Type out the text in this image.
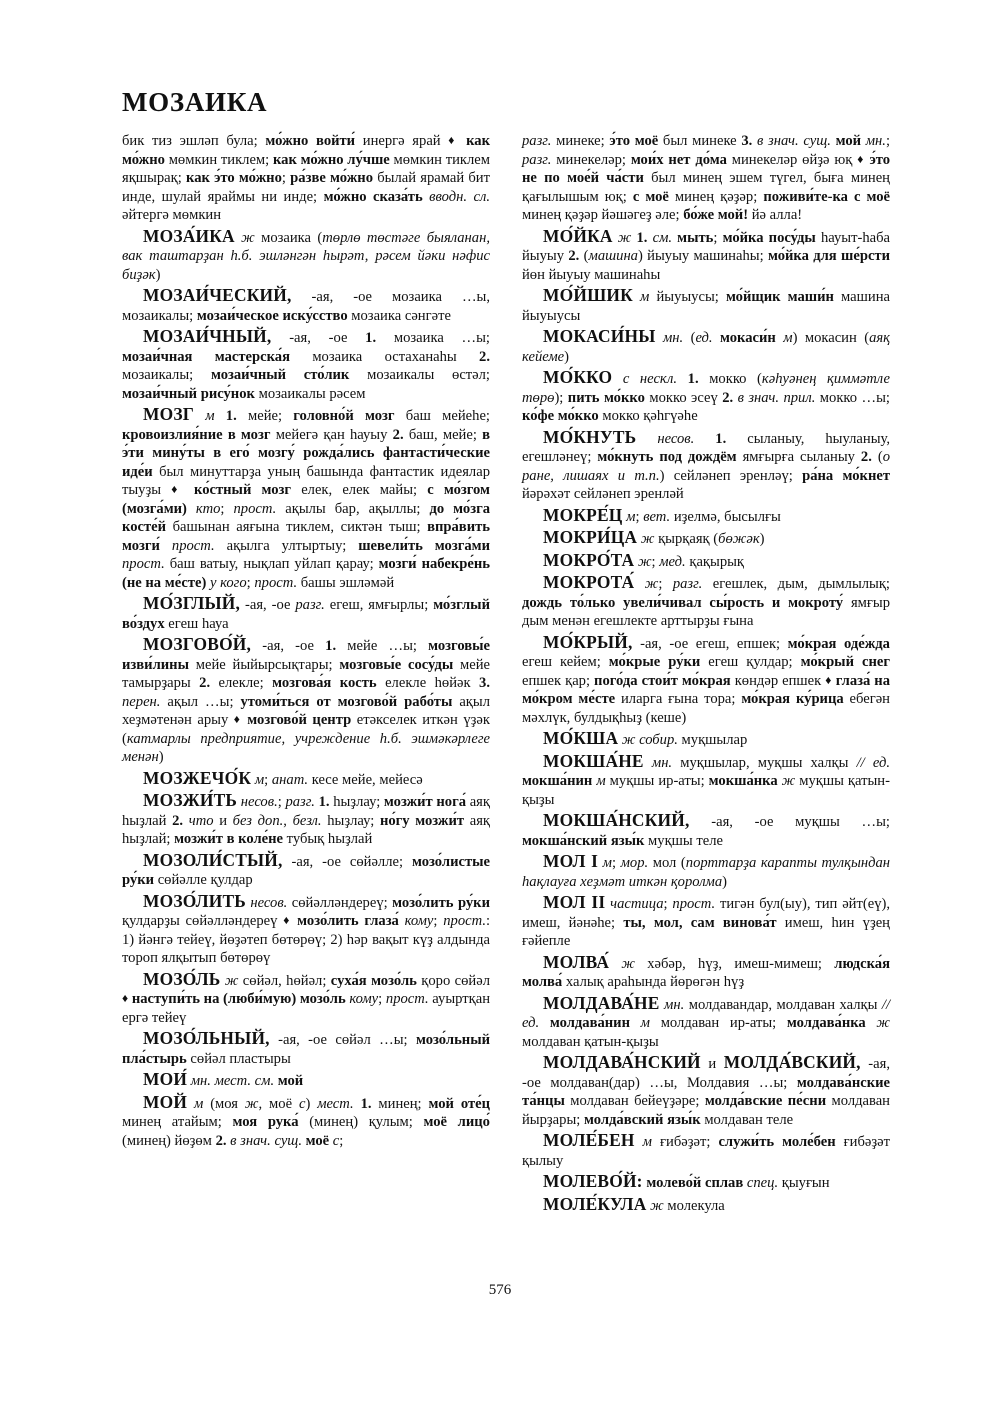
МОЗАИКА

бик тиз эшләп була; мо́жно войти́ инергә ярай ♦ как мо́жно мөмкин тиклем; как мо́жно лу́чше мөмкин тиклем яқшырақ; как э́то мо́жно; ра́зве мо́жно былай ярамай бит инде, шулай яраймы ни инде; мо́жно сказа́ть вводн. сл. әйтергә мөмкин

МОЗА́ИКА ж мозаика (төрлө төстәге быяланан, вак таштарҙан h.б. эшләнгән hырәт, рәсем йәки нәфис биҙәк)

МОЗАИ́ЧЕСКИЙ, -ая, -ое мозаика …ы, мозаикалы; мозаи́ческое иску́сство мозаика сәнгәте

МОЗАИ́ЧНЫЙ, -ая, -ое 1. мозаика …ы; мозаи́чная мастерска́я мозаика остаханаhы 2. мозаикалы; мозаи́чный сто́лик мозаикалы өстәл; мозаи́чный рису́нок мозаикалы рәсем

МОЗГ м 1. мейе; головно́й мозг баш мейеhе; кровоизлия́ние в мозг мейегә қан hауыу 2. баш, мейе; в э́ти мину́ты в его́ мозгу́ рожда́лись фантасти́ческие иде́и был минуттарҙа уның башында фантастик идеялар тыуҙы ♦ ко́стный мозг елек, елек майы; с мо́згом (мозга́ми) кто; прост. ақылы бар, ақыллы; до мо́зга косте́й башынан аяғына тиклем, сиктән тыш; впра́вить мозги́ прост. ақылга ултыртыу; шевели́ть мозга́ми прост. баш ватыу, нықлап уйлап қарау; мозги́ набекре́нь (не на ме́сте) у кого; прост. башы эшләмәй

МО́ЗГЛЫЙ, -ая, -ое разг. егеш, ямғырлы; мо́зглый во́здух егеш hауа

МОЗГОВО́Й, -ая, -ое 1. мейе …ы; мозговы́е изви́лины мейе йыйырсықтары; мозговы́е сосу́ды мейе тамырҙары 2. елекле; мозгова́я кость елекле hөйәк 3. перен. ақыл …ы; утоми́ться от мозгово́й рабо́ты ақыл хеҙмәтенән арыу ♦ мозгово́й центр етәкселек иткән үҙәк (катмарлы предприятие, учреждение h.б. эшмәкәрлеге менән)

МОЗЖЕЧО́К м; анат. кесе мейе, мейесә

МОЗЖИ́ТЬ несов.; разг. 1. hыҙлау; мозжи́т нога́ аяқ hыҙлай 2. что и без доп., безл. hыҙлау; но́гу мозжи́т аяқ hыҙлай; мозжи́т в коле́не тубық hыҙлай

МОЗОЛИ́СТЫЙ, -ая, -ое сөйәлле; мозо́листые ру́ки сөйәлле қулдар

МОЗО́ЛИТЬ несов. сөйәлләндереү; мозо́лить ру́ки қулдарҙы сөйәлләндереү ♦ мозо́лить глаза́ кому; прост.: 1) йәнгә тейеү, йөҙәтеп бөтөрөү; 2) hәр вақыт күҙ алдында тороп ялқытып бөтөрөү

МОЗО́ЛЬ ж сөйәл, hөйәл; суха́я мозо́ль қоро сөйәл ♦ наступи́ть на (люби́мую) мозо́ль кому; прост. ауыртқан ергә тейеү

МОЗО́ЛЬНЫЙ, -ая, -ое сөйәл …ы; мозо́льный пла́стырь сөйәл пластыры

МОИ́ мн. мест. см. мой

МОЙ м (моя ж, моё с) мест. 1. минең; мой оте́ц минең атайым; моя рука́ (минең) қулым; моё лицо́ (минең) йөҙөм 2. в знач. сущ. моё с;

разг. минеке; э́то моё был минеке 3. в знач. сущ. мой мн.; разг. минекеләр; мои́х нет до́ма минекеләр өйҙә юқ ♦ э́то не по мое́й ча́сти был минең эшем түгел, быға минең қағылышым юқ; с моё минең қәҙәр; поживи́те-ка с моё минең қәҙәр йәшәгеҙ әле; бо́же мой! йә алла!

МО́ЙКА ж 1. см. мыть; мо́йка посу́ды hауыт-hаба йыуыу 2. (машина) йыуыу машинаhы; мо́йка для ше́рсти йөн йыуыу машинаhы

МО́ЙШИК м йыуыусы; мо́йщик маши́н машина йыуыусы

МОКАСИ́НЫ мн. (ед. мокаси́н м) мокасин (аяқ кейеме)

МО́ККО с нескл. 1. мокко (кәhуәнең қиммәтле төрө); пить мо́кко мокко эсеү 2. в знач. прил. мокко …ы; ко́фе мо́кко мокко қәhгүәhе

МО́КНУТЬ несов. 1. сыланыу, hыуланыу, егешләнеү; мо́кнуть под дождём ямғырға сыланыу 2. (о ране, лишаях и т.п.) сейләнеп эренләү; ра́на мо́кнет йәрәхәт сейләнеп эренләй

МОКРЕ́Ц м; вет. иҙелмә, бысылғы

МОКРИ́ЦА ж қырқаяқ (бөжәк)

МОКРО́ТА ж; мед. қақырық

МОКРОТА́ ж; разг. егешлек, дым, дымлылық; дождь то́лько увели́чивал сы́рость и мокроту́ ямғыр дым менән егешлекте арттырҙы ғына

МО́КРЫЙ, -ая, -ое егеш, епшек; мо́края оде́жда егеш кейем; мо́крые ру́ки егеш қулдар; мо́крый снег епшек қар; пого́да стои́т мо́края көндәр епшек ♦ глаза́ на мо́кром ме́сте иларга ғына тора; мо́края ку́рица ебегән мәхлүк, булдықhыҙ (кеше)

МО́КША ж собир. муқшылар

МОКША́НЕ мн. муқшылар, муқшы халқы // ед. мокша́нин м муқшы ир-аты; мокша́нка ж муқшы қатын-қыҙы

МОКША́НСКИЙ, -ая, -ое муқшы …ы; мокша́нский язы́к муқшы теле

МОЛ I м; мор. мол (порттарҙа карапты тулқындан hақлауға хеҙмәт иткән қоролма)

МОЛ II частица; прост. тигән бул(ыу), тип әйт(еү), имеш, йәнәhе; ты, мол, сам винова́т имеш, hин үҙең ғәйепле

МОЛВА́ ж хәбәр, hүҙ, имеш-мимеш; людска́я молва́ халық араhында йөрөгән hүҙ

МОЛДАВА́НЕ мн. молдавандар, молдаван халқы // ед. молдава́нин м молдаван ир-аты; молдава́нка ж молдаван қатын-қыҙы

МОЛДАВА́НСКИЙ и МОЛДА́ВСКИЙ, -ая, -ое молдаван(дар) …ы, Молдавия …ы; молдава́нские та́нцы молдаван бейеүҙәре; молда́вские пе́сни молдаван йырҙары; молда́вский язы́к молдаван теле

МОЛЕ́БЕН м ғибәҙәт; служи́ть моле́бен ғибәҙәт қылыу

МОЛЕВО́Й: молево́й сплав спец. қыуғын

МОЛЕ́КУЛА ж молекула

576
